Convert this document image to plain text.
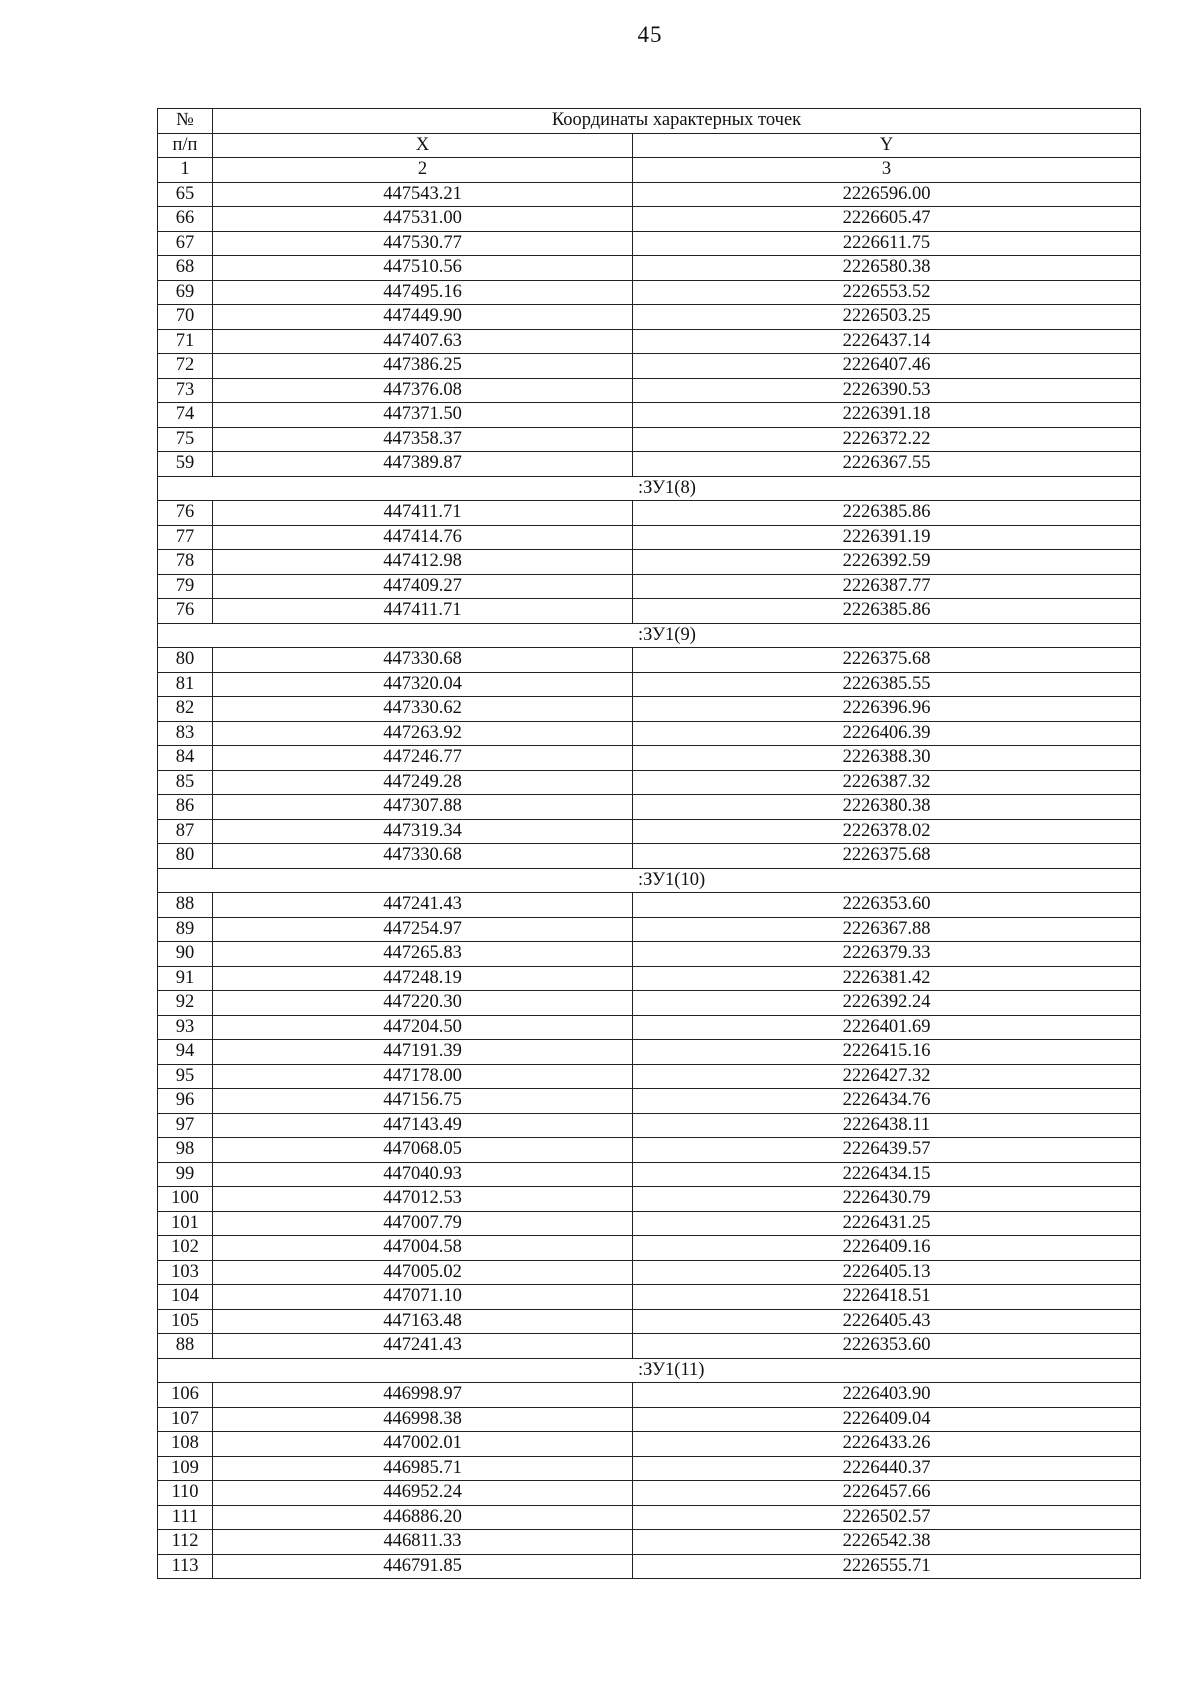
45
№	Координаты характерных точек	
п/п	X	Y
1	2	3
65	447543.21	2226596.00
66	447531.00	2226605.47
67	447530.77	2226611.75
68	447510.56	2226580.38
69	447495.16	2226553.52
70	447449.90	2226503.25
71	447407.63	2226437.14
72	447386.25	2226407.46
73	447376.08	2226390.53
74	447371.50	2226391.18
75	447358.37	2226372.22
59	447389.87	2226367.55
:ЗУ1(8)		
76	447411.71	2226385.86
77	447414.76	2226391.19
78	447412.98	2226392.59
79	447409.27	2226387.77
76	447411.71	2226385.86
:ЗУ1(9)		
80	447330.68	2226375.68
81	447320.04	2226385.55
82	447330.62	2226396.96
83	447263.92	2226406.39
84	447246.77	2226388.30
85	447249.28	2226387.32
86	447307.88	2226380.38
87	447319.34	2226378.02
80	447330.68	2226375.68
:ЗУ1(10)		
88	447241.43	2226353.60
89	447254.97	2226367.88
90	447265.83	2226379.33
91	447248.19	2226381.42
92	447220.30	2226392.24
93	447204.50	2226401.69
94	447191.39	2226415.16
95	447178.00	2226427.32
96	447156.75	2226434.76
97	447143.49	2226438.11
98	447068.05	2226439.57
99	447040.93	2226434.15
100	447012.53	2226430.79
101	447007.79	2226431.25
102	447004.58	2226409.16
103	447005.02	2226405.13
104	447071.10	2226418.51
105	447163.48	2226405.43
88	447241.43	2226353.60
:ЗУ1(11)		
106	446998.97	2226403.90
107	446998.38	2226409.04
108	447002.01	2226433.26
109	446985.71	2226440.37
110	446952.24	2226457.66
111	446886.20	2226502.57
112	446811.33	2226542.38
113	446791.85	2226555.71
